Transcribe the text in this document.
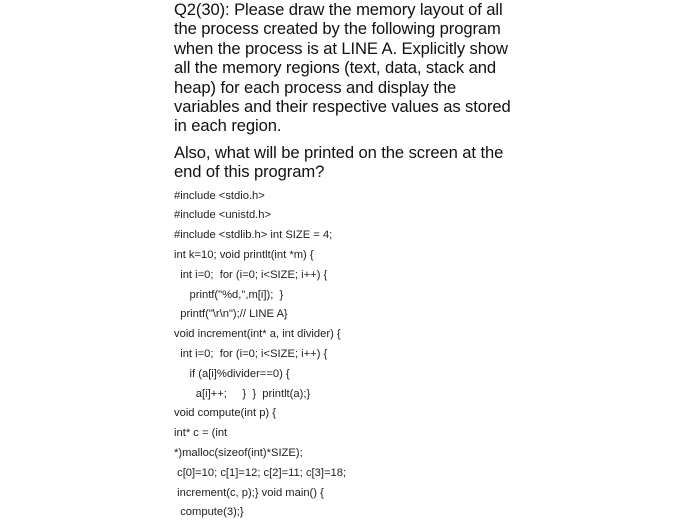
Q2(30): Please draw the memory layout of all
the process created by the following program
when the process is at LINE A. Explicitly show
all the memory regions (text, data, stack and
heap) for each process and display the
variables and their respective values as stored
in each region.
Also, what will be printed on the screen at the
end of this program?
#include <stdio.h>
#include <unistd.h>
#include <stdlib.h> int SIZE = 4;
int k=10; void printlt(int *m) {
int i=0;  for (i=0; i<SIZE; i++) {
printf("%d,",m[i]);  }
printf("\r\n");// LINE A}
void increment(int* a, int divider) {
int i=0;  for (i=0; i<SIZE; i++) {
if (a[i]%divider==0) {
a[i]++;     }  }  printlt(a);}
void compute(int p) {
int* c = (int
*)malloc(sizeof(int)*SIZE);
c[0]=10; c[1]=12; c[2]=11; c[3]=18;
increment(c, p);} void main() {
compute(3);}
